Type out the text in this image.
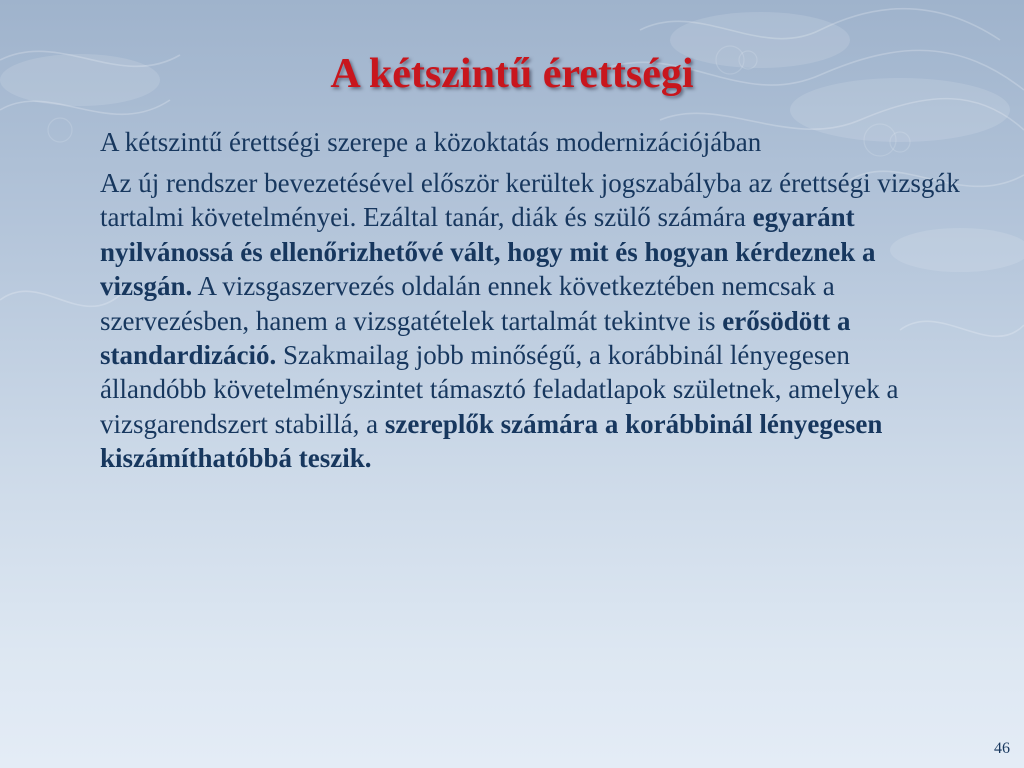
A kétszintű érettségi

A kétszintű érettségi szerepe a közoktatás modernizációjában

Az új rendszer bevezetésével először kerültek jogszabályba az érettségi vizsgák tartalmi követelményei. Ezáltal tanár, diák és szülő számára egyaránt nyilvánossá és ellenőrizhetővé vált, hogy mit és hogyan kérdeznek a vizsgán. A vizsgaszervezés oldalán ennek következtében nemcsak a szervezésben, hanem a vizsgatételek tartalmát tekintve is erősödött a standardizáció. Szakmailag jobb minőségű, a korábbinál lényegesen állandóbb követelményszintet támasztó feladatlapok születnek, amelyek a vizsgarendszert stabillá, a szereplők számára a korábbinál lényegesen kiszámíthatóbbá teszik.

46
